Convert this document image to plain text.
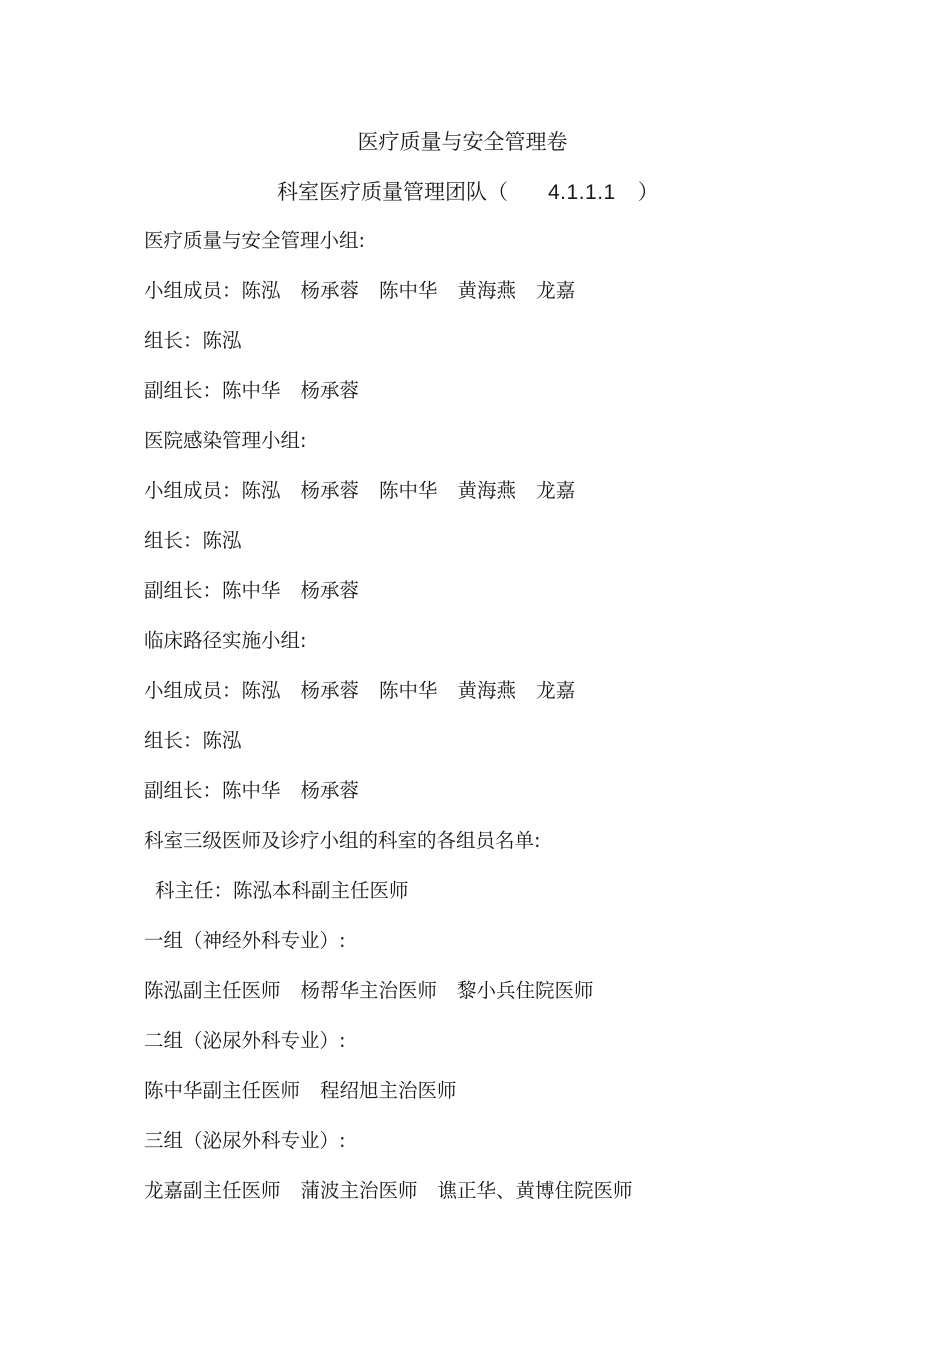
医疗质量与安全管理卷
科室医疗质量管理团队（ 4.1.1.1 ）
医疗质量与安全管理小组:
小组成员：陈泓 杨承蓉 陈中华 黄海燕 龙嘉
组长：陈泓
副组长：陈中华 杨承蓉
医院感染管理小组:
小组成员：陈泓 杨承蓉 陈中华 黄海燕 龙嘉
组长：陈泓
副组长：陈中华 杨承蓉
临床路径实施小组:
小组成员：陈泓 杨承蓉 陈中华 黄海燕 龙嘉
组长：陈泓
副组长：陈中华 杨承蓉
科室三级医师及诊疗小组的科室的各组员名单:
科主任：陈泓本科副主任医师
一组（神经外科专业）:
陈泓副主任医师 杨帮华主治医师 黎小兵住院医师
二组（泌尿外科专业）:
陈中华副主任医师 程绍旭主治医师
三组（泌尿外科专业）:
龙嘉副主任医师 蒲波主治医师 谯正华、黄博住院医师
